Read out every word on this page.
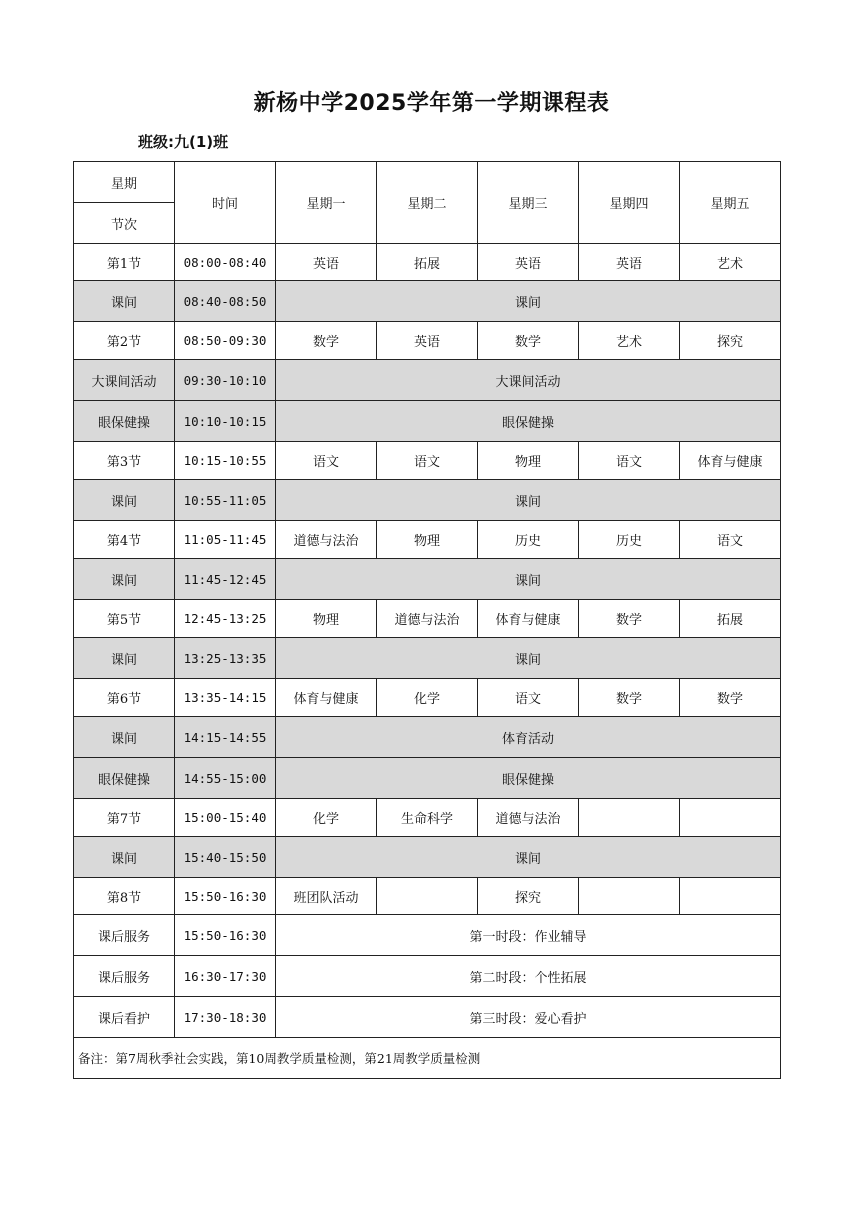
新杨中学2025学年第一学期课程表
班级:九(1)班
星期	时间	星期一	星期二	星期三	星期四	星期五
节次						
第1节	08:00-08:40	英语	拓展	英语	英语	艺术
课间	08:40-08:50	课间				
第2节	08:50-09:30	数学	英语	数学	艺术	探究
大课间活动	09:30-10:10	大课间活动				
眼保健操	10:10-10:15	眼保健操				
第3节	10:15-10:55	语文	语文	物理	语文	体育与健康
课间	10:55-11:05	课间				
第4节	11:05-11:45	道德与法治	物理	历史	历史	语文
课间	11:45-12:45	课间				
第5节	12:45-13:25	物理	道德与法治	体育与健康	数学	拓展
课间	13:25-13:35	课间				
第6节	13:35-14:15	体育与健康	化学	语文	数学	数学
课间	14:15-14:55	体育活动				
眼保健操	14:55-15:00	眼保健操				
第7节	15:00-15:40	化学	生命科学	道德与法治		
课间	15:40-15:50	课间				
第8节	15:50-16:30	班团队活动		探究		
课后服务	15:50-16:30	第一时段：作业辅导				
课后服务	16:30-17:30	第二时段：个性拓展				
课后看护	17:30-18:30	第三时段：爱心看护				
备注：第7周秋季社会实践，第10周教学质量检测，第21周教学质量检测						
